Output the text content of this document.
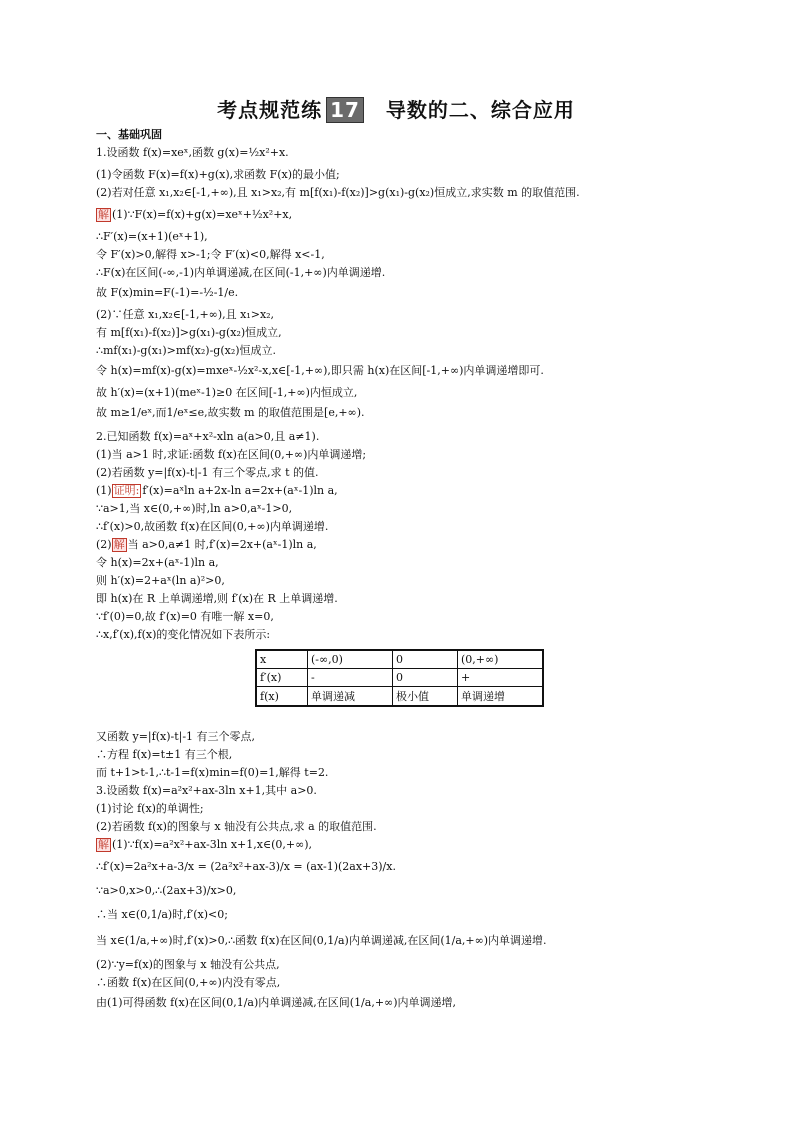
考点规范练 17 导数的二、综合应用
一、基础巩固
1.设函数 f(x)=xeˣ,函数 g(x)=½x²+x.
(1)令函数 F(x)=f(x)+g(x),求函数 F(x)的最小值;
(2)若对任意 x₁,x₂∈[-1,+∞),且 x₁>x₂,有 m[f(x₁)-f(x₂)]>g(x₁)-g(x₂)恒成立,求实数 m 的取值范围.
解 (1)∵F(x)=f(x)+g(x)=xeˣ+½x²+x,
∴F′(x)=(x+1)(eˣ+1),
令 F′(x)>0,解得 x>-1;令 F′(x)<0,解得 x<-1,
∴F(x)在区间(-∞,-1)内单调递减,在区间(-1,+∞)内单调递增.
故 F(x)min=F(-1)=-½-1/e.
(2)∵任意 x₁,x₂∈[-1,+∞),且 x₁>x₂,
有 m[f(x₁)-f(x₂)]>g(x₁)-g(x₂)恒成立,
∴mf(x₁)-g(x₁)>mf(x₂)-g(x₂)恒成立.
令 h(x)=mf(x)-g(x)=mxeˣ-½x²-x,x∈[-1,+∞),即只需 h(x)在区间[-1,+∞)内单调递增即可.
故 h′(x)=(x+1)(meˣ-1)≥0 在区间[-1,+∞)内恒成立,
故 m≥1/eˣ,而1/eˣ≤e,故实数 m 的取值范围是[e,+∞).
2.已知函数 f(x)=aˣ+x²-xln a(a>0,且 a≠1).
(1)当 a>1 时,求证:函数 f(x)在区间(0,+∞)内单调递增;
(2)若函数 y=|f(x)-t|-1 有三个零点,求 t 的值.
(1) 证明: f′(x)=aˣln a+2x-ln a=2x+(aˣ-1)ln a,
∵a>1,当 x∈(0,+∞)时,ln a>0,aˣ-1>0,
∴f′(x)>0,故函数 f(x)在区间(0,+∞)内单调递增.
(2) 解 当 a>0,a≠1 时,f′(x)=2x+(aˣ-1)ln a,
令 h(x)=2x+(aˣ-1)ln a,
则 h′(x)=2+aˣ(ln a)²>0,
即 h(x)在 R 上单调递增,则 f′(x)在 R 上单调递增.
∵f′(0)=0,故 f′(x)=0 有唯一解 x=0,
∴x,f′(x),f(x)的变化情况如下表所示:
x	(-∞,0)	0	(0,+∞)
f′(x)	-	0	+
f(x)	单调递减	极小值	单调递增
又函数 y=|f(x)-t|-1 有三个零点,
∴方程 f(x)=t±1 有三个根,
而 t+1>t-1,∴t-1=f(x)min=f(0)=1,解得 t=2.
3.设函数 f(x)=a²x²+ax-3ln x+1,其中 a>0.
(1)讨论 f(x)的单调性;
(2)若函数 f(x)的图象与 x 轴没有公共点,求 a 的取值范围.
解 (1)∵f(x)=a²x²+ax-3ln x+1,x∈(0,+∞),
∴f′(x)=2a²x+a-3/x = (2a²x²+ax-3)/x = (ax-1)(2ax+3)/x.
∵a>0,x>0,∴(2ax+3)/x>0,
∴当 x∈(0,1/a)时,f′(x)<0;
当 x∈(1/a,+∞)时,f′(x)>0,∴函数 f(x)在区间(0,1/a)内单调递减,在区间(1/a,+∞)内单调递增.
(2)∵y=f(x)的图象与 x 轴没有公共点,
∴函数 f(x)在区间(0,+∞)内没有零点,
由(1)可得函数 f(x)在区间(0,1/a)内单调递减,在区间(1/a,+∞)内单调递增,
